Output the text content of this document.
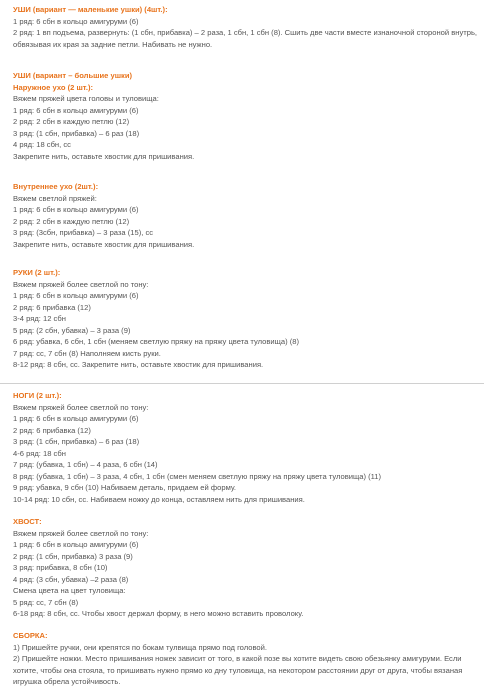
УШИ (вариант — маленькие ушки) (4шт.):
1 ряд: 6 сбн в кольцо амигуруми (6)
2 ряд: 1 вп подъема, развернуть: (1 сбн, прибавка) – 2 раза, 1 сбн, 1 сбн (8). Сшить две части вместе изнаночной стороной внутрь, обвязывая их края за задние петли. Набивать не нужно.
УШИ (вариант – большие ушки)
Наружное ухо (2 шт.):
Вяжем пряжей цвета головы и туловища:
1 ряд: 6 сбн в кольцо амигуруми (6)
2 ряд: 2 сбн в каждую петлю (12)
3 ряд: (1 сбн, прибавка) – 6 раз (18)
4 ряд: 18 сбн, сс
Закрепите нить, оставьте хвостик для пришивания.
Внутреннее ухо (2шт.):
Вяжем светлой пряжей:
1 ряд: 6 сбн в кольцо амигуруми (6)
2 ряд: 2 сбн в каждую петлю (12)
3 ряд: (3сбн, прибавка) – 3 раза (15), сс
Закрепите нить, оставьте хвостик для пришивания.
РУКИ (2 шт.):
Вяжем пряжей более светлой по тону:
1 ряд: 6 сбн в кольцо амигуруми (6)
2 ряд: 6 прибавка (12)
3-4 ряд: 12 сбн
5 ряд: (2 сбн, убавка) – 3 раза (9)
6 ряд: убавка, 6 сбн, 1 сбн (меняем светлую пряжу на пряжу цвета туловища) (8)
7 ряд: сс, 7 сбн (8) Наполняем кисть руки.
8-12 ряд: 8 сбн, сс. Закрепите нить, оставьте хвостик для пришивания.
НОГИ (2 шт.):
Вяжем пряжей более светлой по тону:
1 ряд: 6 сбн в кольцо амигуруми (6)
2 ряд: 6 прибавка (12)
3 ряд: (1 сбн, прибавка) – 6 раз (18)
4-6 ряд: 18 сбн
7 ряд: (убавка, 1 сбн) – 4 раза, 6 сбн (14)
8 ряд: (убавка, 1 сбн) – 3 раза, 4 сбн, 1 сбн (смен меняем светлую пряжу на пряжу цвета туловища) (11)
9 ряд: убавка, 9 сбн (10) Набиваем деталь, придаем ей форму.
10-14 ряд: 10 сбн, сс. Набиваем ножку до конца, оставляем нить для пришивания.
ХВОСТ:
Вяжем пряжей более светлой по тону:
1 ряд: 6 сбн в кольцо амигуруми (6)
2 ряд: (1 сбн, прибавка) 3 раза (9)
3 ряд: прибавка, 8 сбн (10)
4 ряд: (3 сбн, убавка) –2 раза (8)
Смена цвета на цвет туловища:
5 ряд: сс, 7 сбн (8)
6-18 ряд: 8 сбн, сс. Чтобы хвост держал форму, в него можно вставить проволоку.
СБОРКА:
1) Пришейте ручки, они крепятся по бокам тулвища прямо под головой.
2) Пришейте ножки. Место пришивания ножек зависит от того, в какой позе вы хотите видеть свою обезьянку амигуруми. Если хотите, чтобы она стояла, то пришивать нужно прямо ко дну туловища, на некотором расстоянии друг от друга, чтобы вязаная игрушка обрела устойчивость.
